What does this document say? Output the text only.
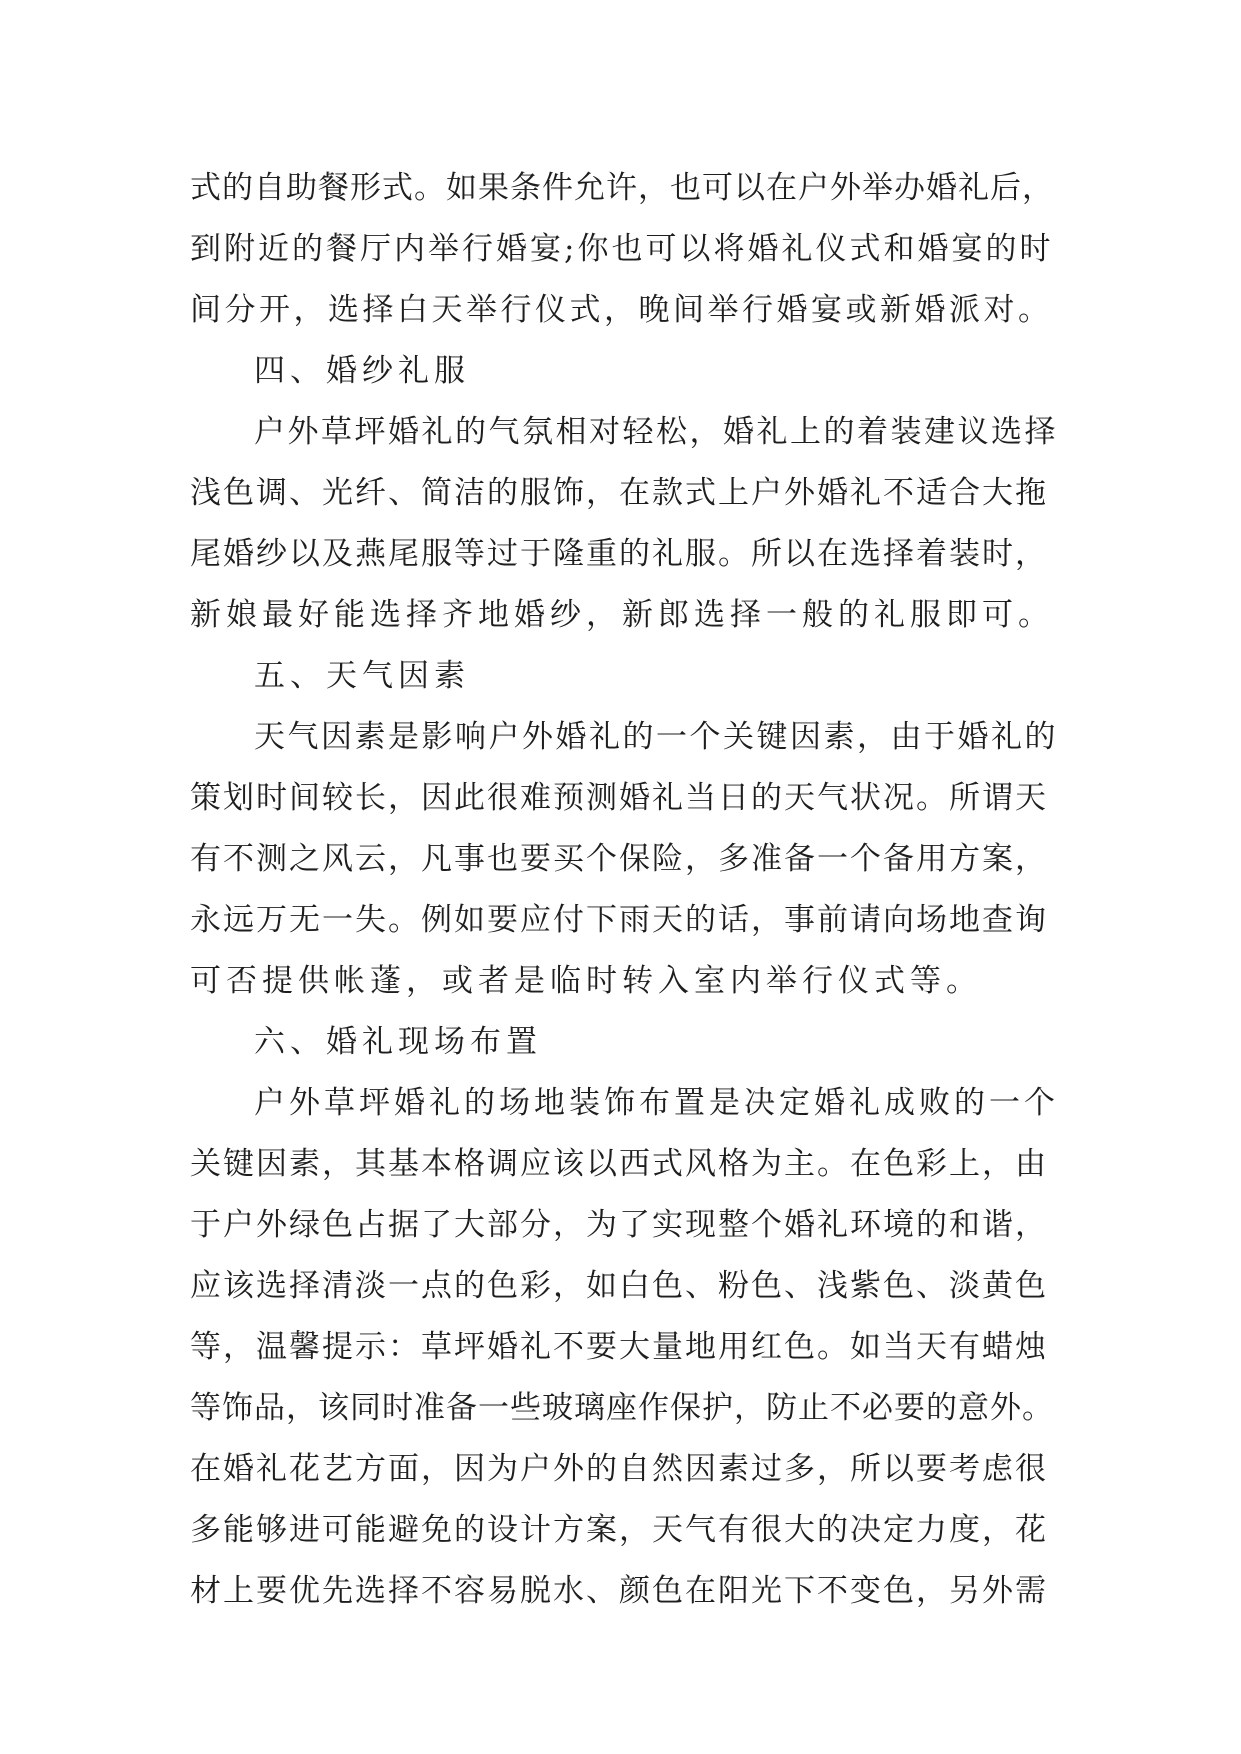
式的自助餐形式。如果条件允许，也可以在户外举办婚礼后，
到附近的餐厅内举行婚宴;你也可以将婚礼仪式和婚宴的时
间分开，选择白天举行仪式，晚间举行婚宴或新婚派对。
四、婚纱礼服
户外草坪婚礼的气氛相对轻松，婚礼上的着装建议选择
浅色调、光纤、简洁的服饰，在款式上户外婚礼不适合大拖
尾婚纱以及燕尾服等过于隆重的礼服。所以在选择着装时，
新娘最好能选择齐地婚纱，新郎选择一般的礼服即可。
五、天气因素
天气因素是影响户外婚礼的一个关键因素，由于婚礼的
策划时间较长，因此很难预测婚礼当日的天气状况。所谓天
有不测之风云，凡事也要买个保险，多准备一个备用方案，
永远万无一失。例如要应付下雨天的话，事前请向场地查询
可否提供帐蓬，或者是临时转入室内举行仪式等。
六、婚礼现场布置
户外草坪婚礼的场地装饰布置是决定婚礼成败的一个
关键因素，其基本格调应该以西式风格为主。在色彩上，由
于户外绿色占据了大部分，为了实现整个婚礼环境的和谐，
应该选择清淡一点的色彩，如白色、粉色、浅紫色、淡黄色
等，温馨提示：草坪婚礼不要大量地用红色。如当天有蜡烛
等饰品，该同时准备一些玻璃座作保护，防止不必要的意外。
在婚礼花艺方面，因为户外的自然因素过多，所以要考虑很
多能够进可能避免的设计方案，天气有很大的决定力度，花
材上要优先选择不容易脱水、颜色在阳光下不变色，另外需
